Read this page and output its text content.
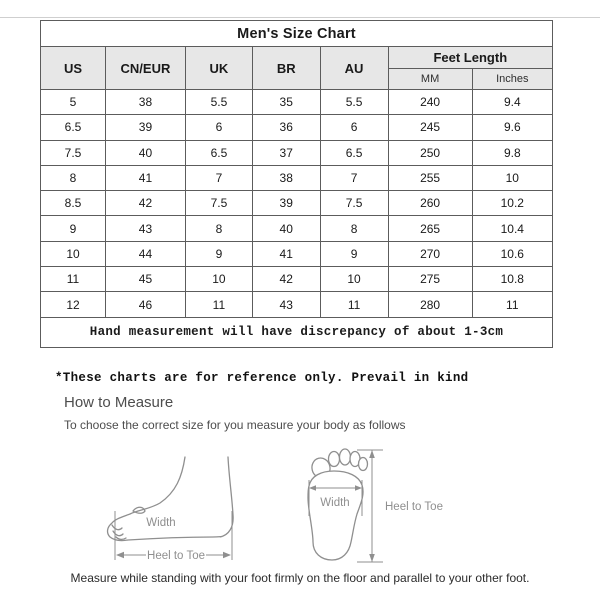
Men's Size Chart						
US	CN/EUR	UK	BR	AU	Feet Length	
					MM	Inches
5	38	5.5	35	5.5	240	9.4
6.5	39	6	36	6	245	9.6
7.5	40	6.5	37	6.5	250	9.8
8	41	7	38	7	255	10
8.5	42	7.5	39	7.5	260	10.2
9	43	8	40	8	265	10.4
10	44	9	41	9	270	10.6
11	45	10	42	10	275	10.8
12	46	11	43	11	280	11
Hand measurement will have discrepancy of about 1-3cm						
*These charts are for reference only. Prevail in kind
How to Measure
To choose the correct size for you measure your body as follows
Width
Heel to Toe
Width	Heel to Toe
Measure while standing with your foot firmly on the floor and parallel to your other foot.
